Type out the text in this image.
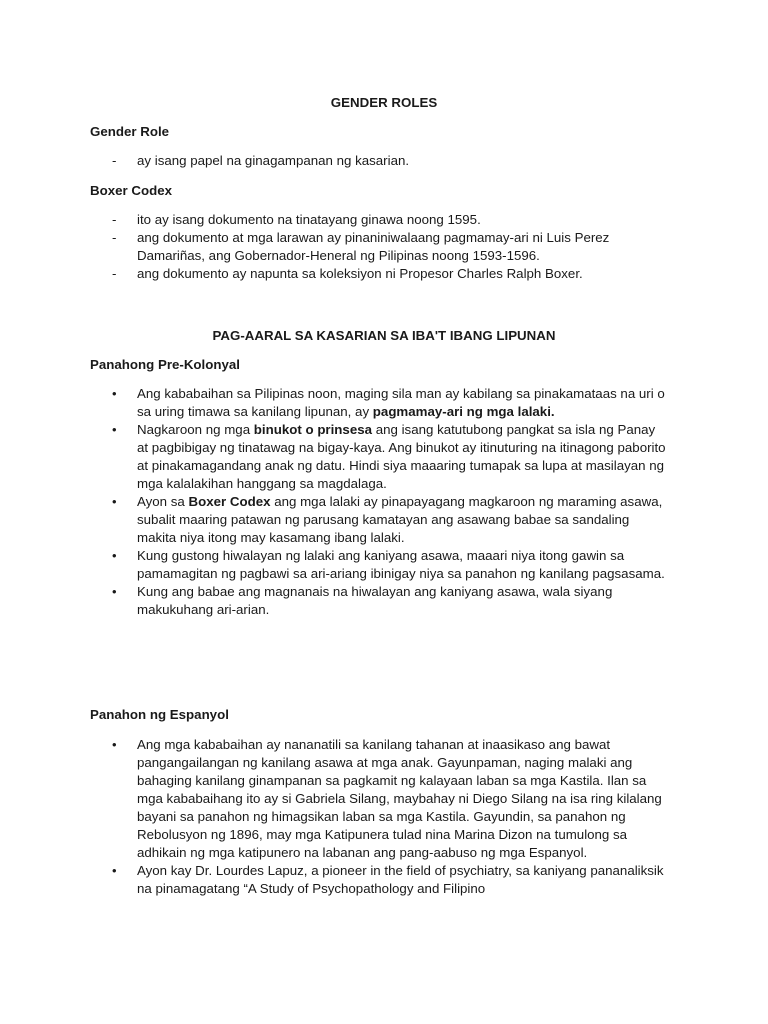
GENDER ROLES
Gender Role
- ay isang papel na ginagampanan ng kasarian.
Boxer Codex
- ito ay isang dokumento na tinatayang ginawa noong 1595.
- ang dokumento at mga larawan ay pinaniniwalaang pagmamay-ari ni Luis Perez Damariñas, ang Gobernador-Heneral ng Pilipinas noong 1593-1596.
- ang dokumento ay napunta sa koleksiyon ni Propesor Charles Ralph Boxer.
PAG-AARAL SA KASARIAN SA IBA'T IBANG LIPUNAN
Panahong Pre-Kolonyal
• Ang kababaihan sa Pilipinas noon, maging sila man ay kabilang sa pinakamataas na uri o sa uring timawa sa kanilang lipunan, ay pagmamay-ari ng mga lalaki.
• Nagkaroon ng mga binukot o prinsesa ang isang katutubong pangkat sa isla ng Panay at pagbibigay ng tinatawag na bigay-kaya. Ang binukot ay itinuturing na itinagong paborito at pinakamagandang anak ng datu. Hindi siya maaaring tumapak sa lupa at masilayan ng mga kalalakihan hanggang sa magdalaga.
• Ayon sa Boxer Codex ang mga lalaki ay pinapayagang magkaroon ng maraming asawa, subalit maaring patawan ng parusang kamatayan ang asawang babae sa sandaling makita niya itong may kasamang ibang lalaki.
• Kung gustong hiwalayan ng lalaki ang kaniyang asawa, maaari niya itong gawin sa pamamagitan ng pagbawi sa ari-ariang ibinigay niya sa panahon ng kanilang pagsasama.
• Kung ang babae ang magnanais na hiwalayan ang kaniyang asawa, wala siyang makukuhang ari-arian.
Panahon ng Espanyol
• Ang mga kababaihan ay nananatili sa kanilang tahanan at inaasikaso ang bawat pangangailangan ng kanilang asawa at mga anak. Gayunpaman, naging malaki ang bahaging kanilang ginampanan sa pagkamit ng kalayaan laban sa mga Kastila. Ilan sa mga kababaihang ito ay si Gabriela Silang, maybahay ni Diego Silang na isa ring kilalang bayani sa panahon ng himagsikan laban sa mga Kastila. Gayundin, sa panahon ng Rebolusyon ng 1896, may mga Katipunera tulad nina Marina Dizon na tumulong sa adhikain ng mga katipunero na labanan ang pang-aabuso ng mga Espanyol.
• Ayon kay Dr. Lourdes Lapuz, a pioneer in the field of psychiatry, sa kaniyang pananaliksik na pinamagatang “A Study of Psychopathology and Filipino
